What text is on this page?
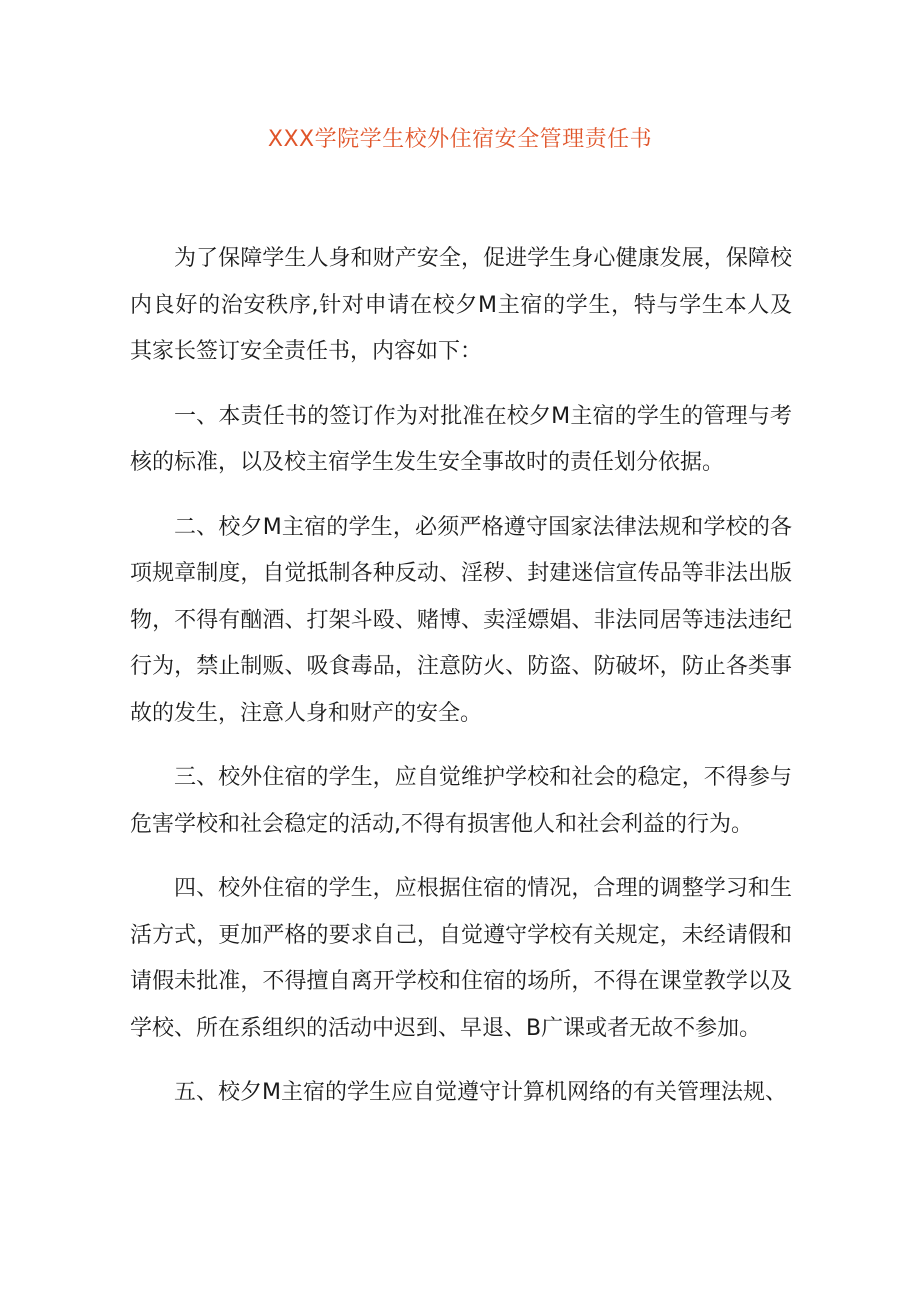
XXX学院学生校外住宿安全管理责任书

为了保障学生人身和财产安全，促进学生身心健康发展，保障校内良好的治安秩序,针对申请在校夕M主宿的学生，特与学生本人及其家长签订安全责任书，内容如下：

一、本责任书的签订作为对批准在校夕M主宿的学生的管理与考核的标准，以及校主宿学生发生安全事故时的责任划分依据。

二、校夕M主宿的学生，必须严格遵守国家法律法规和学校的各项规章制度，自觉抵制各种反动、淫秽、封建迷信宣传品等非法出版物，不得有酗酒、打架斗殴、赌博、卖淫嫖娼、非法同居等违法违纪行为，禁止制贩、吸食毒品，注意防火、防盗、防破坏，防止各类事故的发生，注意人身和财产的安全。

三、校外住宿的学生，应自觉维护学校和社会的稳定，不得参与危害学校和社会稳定的活动,不得有损害他人和社会利益的行为。

四、校外住宿的学生，应根据住宿的情况，合理的调整学习和生活方式，更加严格的要求自己，自觉遵守学校有关规定，未经请假和请假未批准，不得擅自离开学校和住宿的场所，不得在课堂教学以及学校、所在系组织的活动中迟到、早退、B广课或者无故不参加。

五、校夕M主宿的学生应自觉遵守计算机网络的有关管理法规、
